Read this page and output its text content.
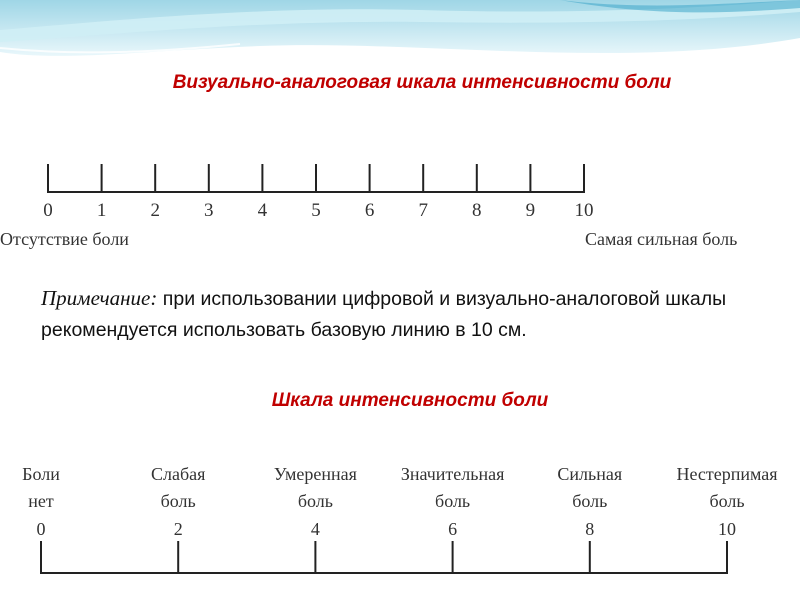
Визуально-аналоговая шкала интенсивности боли
0	1	2	3	4	5	6	7	8	9	10
Отсутствие боли	Самая сильная боль

Примечание: при использовании цифровой и визуально-аналоговой шкалы рекомендуется использовать базовую линию в 10 см.

Шкала интенсивности боли
Боли
нет
0
Слабая
боль
2
Умеренная
боль
4
Значительная
боль
6
Сильная
боль
8
Нестерпимая
боль
10
